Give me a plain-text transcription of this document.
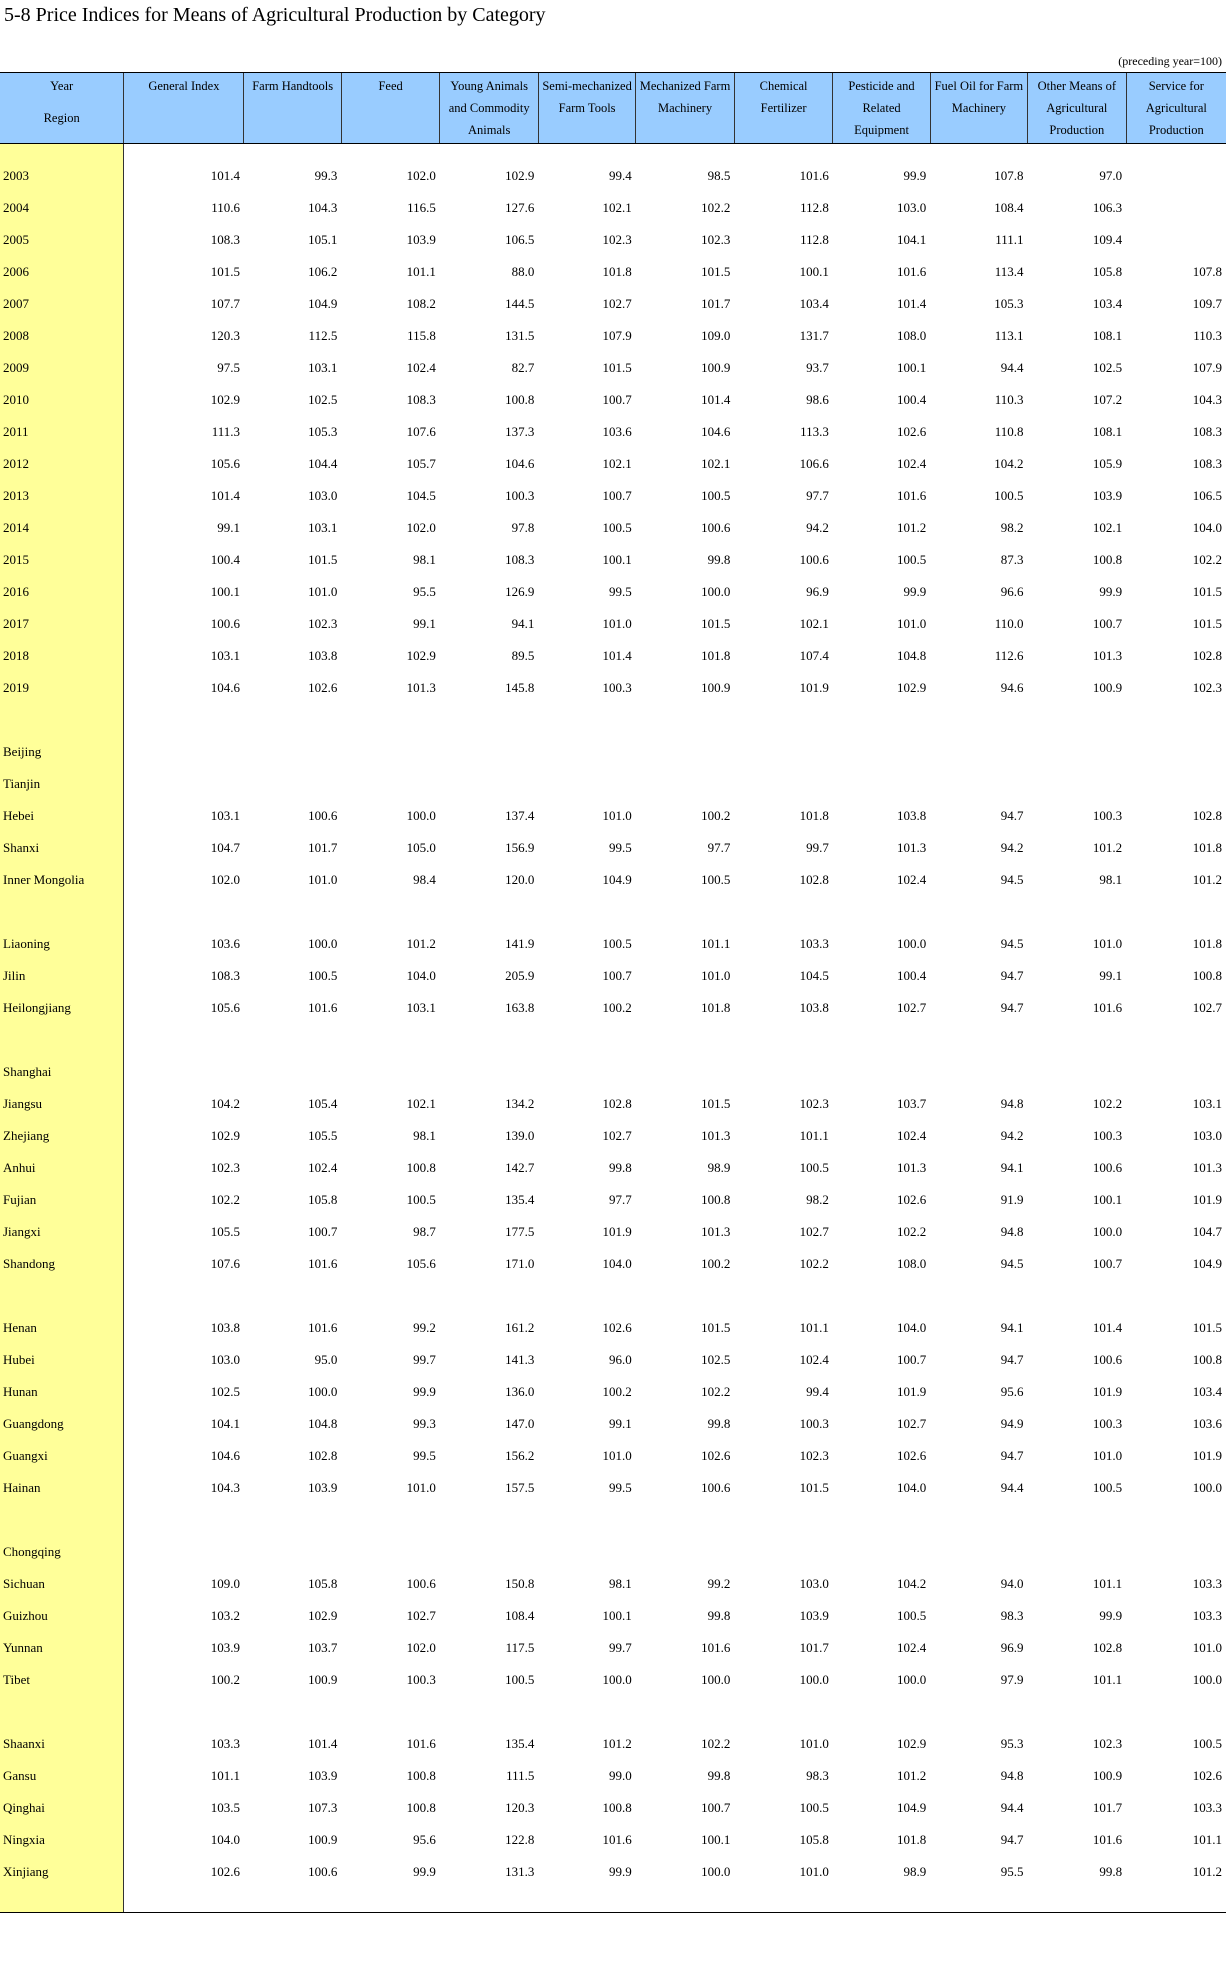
5-8 Price Indices for Means of Agricultural Production by Category
(preceding year=100)
Year
Region	General Index	Farm Handtools	Feed	Young Animals and Commodity Animals	Semi-mechanized Farm Tools	Mechanized Farm Machinery	Chemical Fertilizer	Pesticide and Related Equipment	Fuel Oil for Farm Machinery	Other Means of Agricultural Production	Service for Agricultural Production

2003	101.4	99.3	102.0	102.9	99.4	98.5	101.6	99.9	107.8	97.0	
2004	110.6	104.3	116.5	127.6	102.1	102.2	112.8	103.0	108.4	106.3	
2005	108.3	105.1	103.9	106.5	102.3	102.3	112.8	104.1	111.1	109.4	
2006	101.5	106.2	101.1	88.0	101.8	101.5	100.1	101.6	113.4	105.8	107.8
2007	107.7	104.9	108.2	144.5	102.7	101.7	103.4	101.4	105.3	103.4	109.7
2008	120.3	112.5	115.8	131.5	107.9	109.0	131.7	108.0	113.1	108.1	110.3
2009	97.5	103.1	102.4	82.7	101.5	100.9	93.7	100.1	94.4	102.5	107.9
2010	102.9	102.5	108.3	100.8	100.7	101.4	98.6	100.4	110.3	107.2	104.3
2011	111.3	105.3	107.6	137.3	103.6	104.6	113.3	102.6	110.8	108.1	108.3
2012	105.6	104.4	105.7	104.6	102.1	102.1	106.6	102.4	104.2	105.9	108.3
2013	101.4	103.0	104.5	100.3	100.7	100.5	97.7	101.6	100.5	103.9	106.5
2014	99.1	103.1	102.0	97.8	100.5	100.6	94.2	101.2	98.2	102.1	104.0
2015	100.4	101.5	98.1	108.3	100.1	99.8	100.6	100.5	87.3	100.8	102.2
2016	100.1	101.0	95.5	126.9	99.5	100.0	96.9	99.9	96.6	99.9	101.5
2017	100.6	102.3	99.1	94.1	101.0	101.5	102.1	101.0	110.0	100.7	101.5
2018	103.1	103.8	102.9	89.5	101.4	101.8	107.4	104.8	112.6	101.3	102.8
2019	104.6	102.6	101.3	145.8	100.3	100.9	101.9	102.9	94.6	100.9	102.3

Beijing											
Tianjin											
Hebei	103.1	100.6	100.0	137.4	101.0	100.2	101.8	103.8	94.7	100.3	102.8
Shanxi	104.7	101.7	105.0	156.9	99.5	97.7	99.7	101.3	94.2	101.2	101.8
Inner Mongolia	102.0	101.0	98.4	120.0	104.9	100.5	102.8	102.4	94.5	98.1	101.2

Liaoning	103.6	100.0	101.2	141.9	100.5	101.1	103.3	100.0	94.5	101.0	101.8
Jilin	108.3	100.5	104.0	205.9	100.7	101.0	104.5	100.4	94.7	99.1	100.8
Heilongjiang	105.6	101.6	103.1	163.8	100.2	101.8	103.8	102.7	94.7	101.6	102.7

Shanghai											
Jiangsu	104.2	105.4	102.1	134.2	102.8	101.5	102.3	103.7	94.8	102.2	103.1
Zhejiang	102.9	105.5	98.1	139.0	102.7	101.3	101.1	102.4	94.2	100.3	103.0
Anhui	102.3	102.4	100.8	142.7	99.8	98.9	100.5	101.3	94.1	100.6	101.3
Fujian	102.2	105.8	100.5	135.4	97.7	100.8	98.2	102.6	91.9	100.1	101.9
Jiangxi	105.5	100.7	98.7	177.5	101.9	101.3	102.7	102.2	94.8	100.0	104.7
Shandong	107.6	101.6	105.6	171.0	104.0	100.2	102.2	108.0	94.5	100.7	104.9

Henan	103.8	101.6	99.2	161.2	102.6	101.5	101.1	104.0	94.1	101.4	101.5
Hubei	103.0	95.0	99.7	141.3	96.0	102.5	102.4	100.7	94.7	100.6	100.8
Hunan	102.5	100.0	99.9	136.0	100.2	102.2	99.4	101.9	95.6	101.9	103.4
Guangdong	104.1	104.8	99.3	147.0	99.1	99.8	100.3	102.7	94.9	100.3	103.6
Guangxi	104.6	102.8	99.5	156.2	101.0	102.6	102.3	102.6	94.7	101.0	101.9
Hainan	104.3	103.9	101.0	157.5	99.5	100.6	101.5	104.0	94.4	100.5	100.0

Chongqing											
Sichuan	109.0	105.8	100.6	150.8	98.1	99.2	103.0	104.2	94.0	101.1	103.3
Guizhou	103.2	102.9	102.7	108.4	100.1	99.8	103.9	100.5	98.3	99.9	103.3
Yunnan	103.9	103.7	102.0	117.5	99.7	101.6	101.7	102.4	96.9	102.8	101.0
Tibet	100.2	100.9	100.3	100.5	100.0	100.0	100.0	100.0	97.9	101.1	100.0

Shaanxi	103.3	101.4	101.6	135.4	101.2	102.2	101.0	102.9	95.3	102.3	100.5
Gansu	101.1	103.9	100.8	111.5	99.0	99.8	98.3	101.2	94.8	100.9	102.6
Qinghai	103.5	107.3	100.8	120.3	100.8	100.7	100.5	104.9	94.4	101.7	103.3
Ningxia	104.0	100.9	95.6	122.8	101.6	100.1	105.8	101.8	94.7	101.6	101.1
Xinjiang	102.6	100.6	99.9	131.3	99.9	100.0	101.0	98.9	95.5	99.8	101.2
